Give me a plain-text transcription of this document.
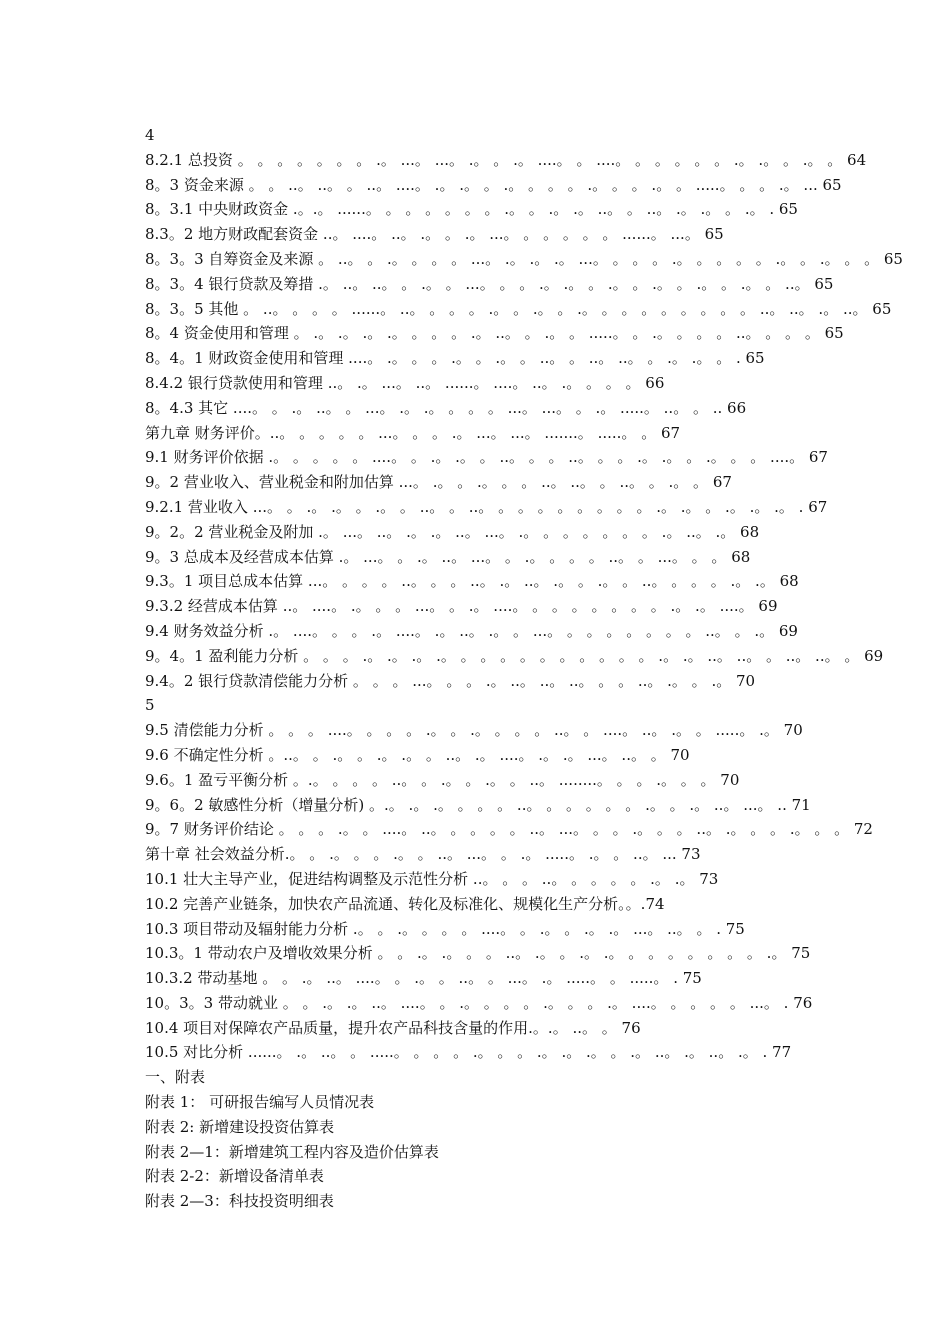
4
8.2.1 总投资 。 。 。 。 。 。 。 .。 ...。 ...。 .。 。 .。 ....。 。 ....。 。 。 。 。 。 .。 .。 。 .。 。 64
8。3 资金来源 。 。 ..。 ..。 。 ..。 ....。 .。 .。 。 .。 。 。 。 .。 。 。 .。 。 .....。 。 。 .。 ... 65
8。3.1 中央财政资金 .。.。 ......。 。 。 。 。 。 。 .。 。 .。 .。 ..。 。 ..。 .。 .。 。 .。 . 65
8.3。2 地方财政配套资金 ..。 ....。 ..。 .。 。 .。 ...。 。 。 。 。 。 ......。 ...。 65
8。3。3 自筹资金及来源 。 ..。 。 .。 。 。 。 ...。 .。 .。 .。 ...。 。 。 。 .。 。 。 。 。 .。 。 .。 。 。 65
8。3。4 银行贷款及筹措 .。 ..。 ..。 。 .。 。 ...。 。 。 .。 .。 。 .。 。 .。 。 .。 。 .。 。 ..。 65
8。3。5 其他 。 ..。 。 。 。 ......。 ..。 。 。 。 .。 。 .。 。 .。 。 。 。 。 。 。 。 。 ..。 ..。 .。 ..。 65
8。4 资金使用和管理 。 .。 .。 .。 .。 。 。 。 .。 ..。 。 .。 。 .....。 。 .。 。 。 。 ..。 。 。 。 65
8。4。1 财政资金使用和管理 ....。 .。 。 。 .。 。 .。 。 ..。 。 ..。 ..。 。 .。 .。 。 . 65
8.4.2 银行贷款使用和管理 ..。 .。 ...。 ..。 ......。 ....。 ..。 .。 。 。 。 66
8。4.3 其它 ....。 。 .。 ..。 。 ...。 .。 .。 。 。 。 ...。 ...。 。 .。 .....。 ..。 。 .. 66
第九章 财务评价。..。 。 。 。 。 ...。 。 。 .。 ...。 ...。 .......。 .....。 。 67
9.1 财务评价依据 .。 。 。 。 。 ....。 。 .。 .。 。 ..。 。 。 ..。 。 。 .。 .。 。 .。 。 。 ....。 67
9。2 营业收入、营业税金和附加估算 ...。 .。 。 .。 。 。 ..。 ..。 。 ..。 。 .。 。 67
9.2.1 营业收入 ...。 。 .。 .。 。 .。 。 ..。 。 ..。 。 。 。 。 。 。 。 。 .。 .。 。 .。 .。 .。 . 67
9。2。2 营业税金及附加 .。 ...。 ..。 .。 .。 ..。 ...。 .。 。 。 。 。 。 。 .。 ..。 .。 68
9。3 总成本及经营成本估算 .。 ...。 。 .。 ..。 ...。 。 .。 。 。 。 ..。 。 ...。 。 。 68
9.3。1 项目总成本估算 ...。 。 。 。 ..。 。 。 ..。 .。 ..。 .。 。 .。 。 ..。 。 。 。 .。 .。 68
9.3.2 经营成本估算 ..。 ....。 .。 。 。 ...。 。 .。 ....。 。 。 。 。 。 。 。 .。 .。 ....。 69
9.4 财务效益分析 .。 ....。 。 。 .。 ....。 .。 ..。 .。 。 ...。 。 。 。 。 。 。 。 ..。 。 .。 69
9。4。1 盈利能力分析 。 。 。 .。 .。 .。 .。 。 。 。 。 。 。 。 。 。 。 .。 .。 ..。 ..。 。 ..。 ..。 。 69
9.4。2 银行贷款清偿能力分析 。 。 。 ...。 。 。 .。 ..。 ..。 ..。 。 。 ..。 .。 。 .。 70
5
9.5 清偿能力分析 。 。 。 ....。 。 。 。 .。 。 .。 。 。 。 ..。 。 ....。 ..。 .。 。 .....。 .。 70
9.6 不确定性分析 。..。 。 .。 。 .。 .。 。 ..。 .。 ....。 .。 .。 ...。 ..。 。 70
9.6。1 盈亏平衡分析 。.。 。 。 。 ..。 。 .。 。 .。 。 ..。 ........。 。 。 .。 。 。 70
9。6。2 敏感性分析（增量分析) 。.。 .。 .。 。 。 。 ..。 。 。 。 。 。 .。 。 .。 ..。 ...。 .. 71
9。7 财务评价结论 。 。 。 .。 。 ....。 ..。 。 。 。 。 ..。 ...。 。 。 .。 。 。 ..。 .。 。 。 .。 。 。 72
第十章 社会效益分析.。 。 .。 。 。 .。 。 ..。 ...。 。 .。 .....。 .。 。 ..。 ... 73
10.1 壮大主导产业，促进结构调整及示范性分析 ..。 。 。 ..。 。 。 。 。 .。 .。 73
10.2 完善产业链条，加快农产品流通、转化及标准化、规模化生产分析。。.74
10.3 项目带动及辐射能力分析 .。 。 .。 。 。 。 ....。 。 .。 。 .。 .。 ...。 ..。 。 . 75
10.3。1 带动农户及增收效果分析 。 。 .。 .。 。 。 ..。 .。 。 .。 .。 。 。 。 。 。 。 。 .。 75
10.3.2 带动基地 。 。 .。 ..。 ....。 。 .。 。 ..。 。 ...。 .。 .....。 。 .....。 . 75
10。3。3 带动就业 。 。 .。 .。 ..。 ....。 。 .。 。 。 。 .。 。 。 .。 ....。 。 。 。 。 ...。 . 76
10.4 项目对保障农产品质量，提升农产品科技含量的作用.。.。 ..。 。 76
10.5 对比分析 ......。 .。 ..。 。 .....。 。 。 。 .。 。 。 .。 .。 .。 。 .。 ..。 .。 ..。 .。 . 77
一、附表
附表 1： 可研报告编写人员情况表
附表 2: 新增建设投资估算表
附表 2—1：新增建筑工程内容及造价估算表
附表 2-2：新增设备清单表
附表 2—3：科技投资明细表
